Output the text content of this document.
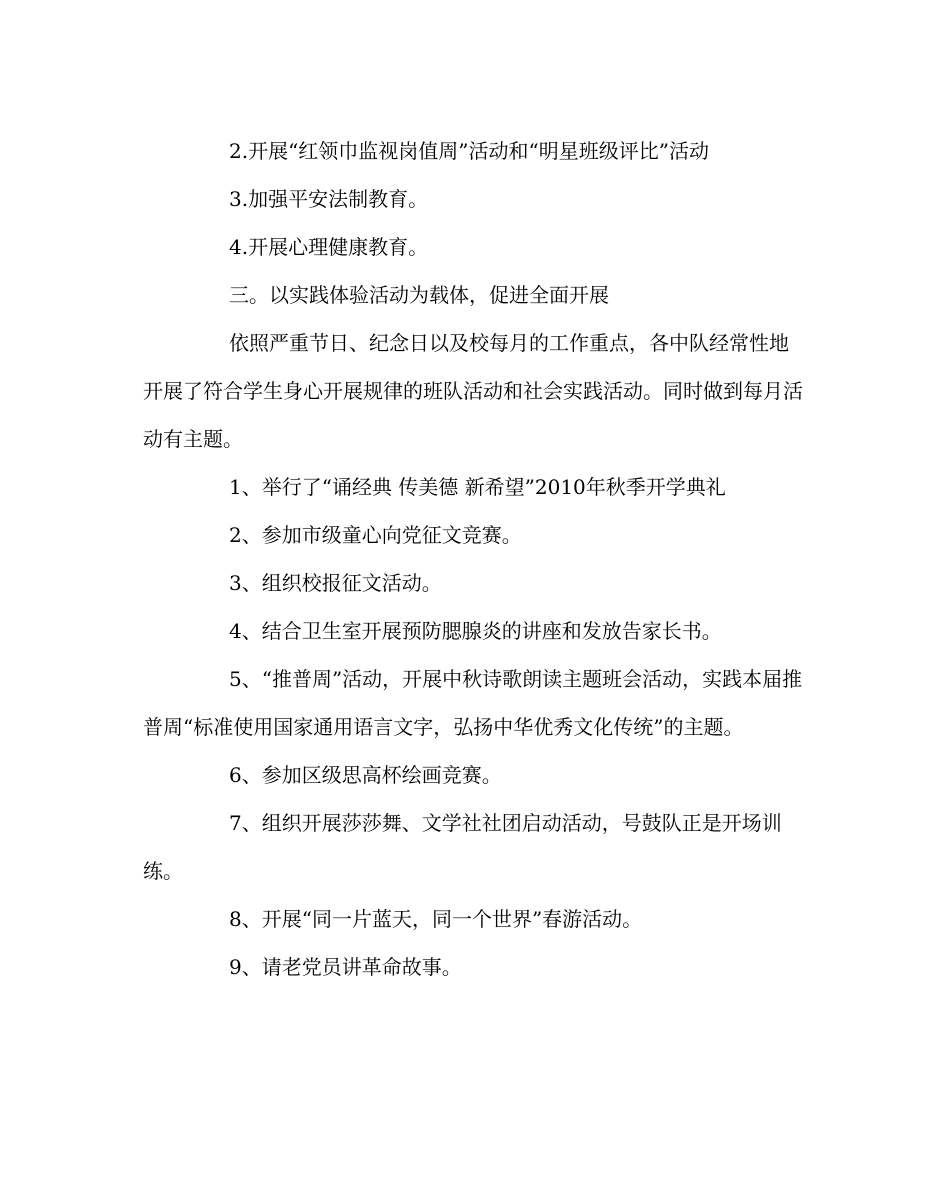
2.开展“红领巾监视岗值周”活动和“明星班级评比”活动

3.加强平安法制教育。

4.开展心理健康教育。

三。以实践体验活动为载体，促进全面开展

依照严重节日、纪念日以及校每月的工作重点，各中队经常性地开展了符合学生身心开展规律的班队活动和社会实践活动。同时做到每月活动有主题。

1、举行了“诵经典 传美德 新希望”2010年秋季开学典礼

2、参加市级童心向党征文竞赛。

3、组织校报征文活动。

4、结合卫生室开展预防腮腺炎的讲座和发放告家长书。

5、“推普周”活动，开展中秋诗歌朗读主题班会活动，实践本届推普周“标准使用国家通用语言文字，弘扬中华优秀文化传统”的主题。

6、参加区级思高杯绘画竞赛。

7、组织开展莎莎舞、文学社社团启动活动，号鼓队正是开场训练。

8、开展“同一片蓝天，同一个世界”春游活动。

9、请老党员讲革命故事。
